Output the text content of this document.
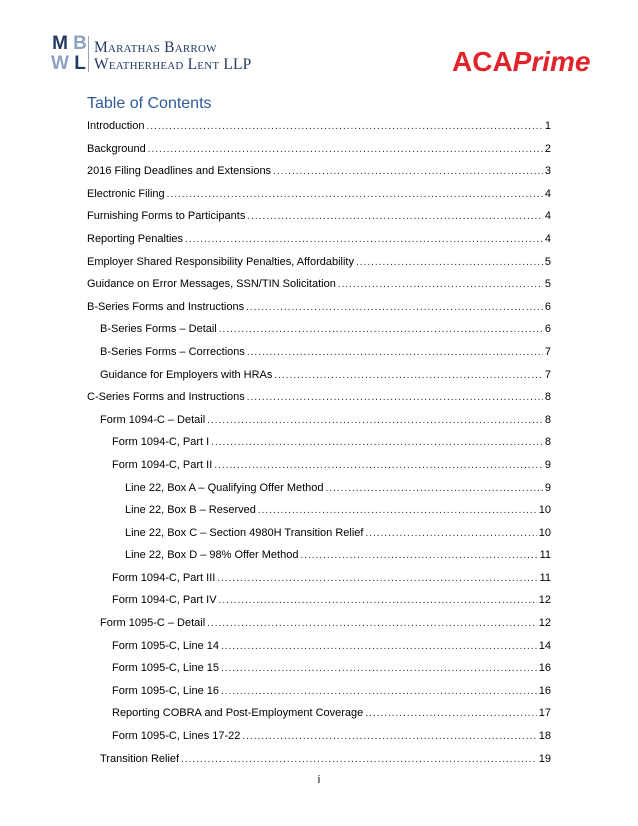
M B
W L
Marathas Barrow
Weatherhead Lent LLP	ACAPrime
Table of Contents
Introduction .....	1
Background .....	2
2016 Filing Deadlines and Extensions .....	3
Electronic Filing .....	4
Furnishing Forms to Participants .....	4
Reporting Penalties .....	4
Employer Shared Responsibility Penalties, Affordability .....	5
Guidance on Error Messages, SSN/TIN Solicitation .....	5
B-Series Forms and Instructions .....	6
B-Series Forms – Detail .....	6
B-Series Forms – Corrections .....	7
Guidance for Employers with HRAs .....	7
C-Series Forms and Instructions .....	8
Form 1094-C – Detail .....	8
Form 1094-C, Part I .....	8
Form 1094-C, Part II .....	9
Line 22, Box A – Qualifying Offer Method .....	9
Line 22, Box B – Reserved .....	10
Line 22, Box C – Section 4980H Transition Relief .....	10
Line 22, Box D – 98% Offer Method .....	11
Form 1094-C, Part III .....	11
Form 1094-C, Part IV .....	12
Form 1095-C – Detail .....	12
Form 1095-C, Line 14 .....	14
Form 1095-C, Line 15 .....	16
Form 1095-C, Line 16 .....	16
Reporting COBRA and Post-Employment Coverage .....	17
Form 1095-C, Lines 17-22 .....	18
Transition Relief .....	19
i
